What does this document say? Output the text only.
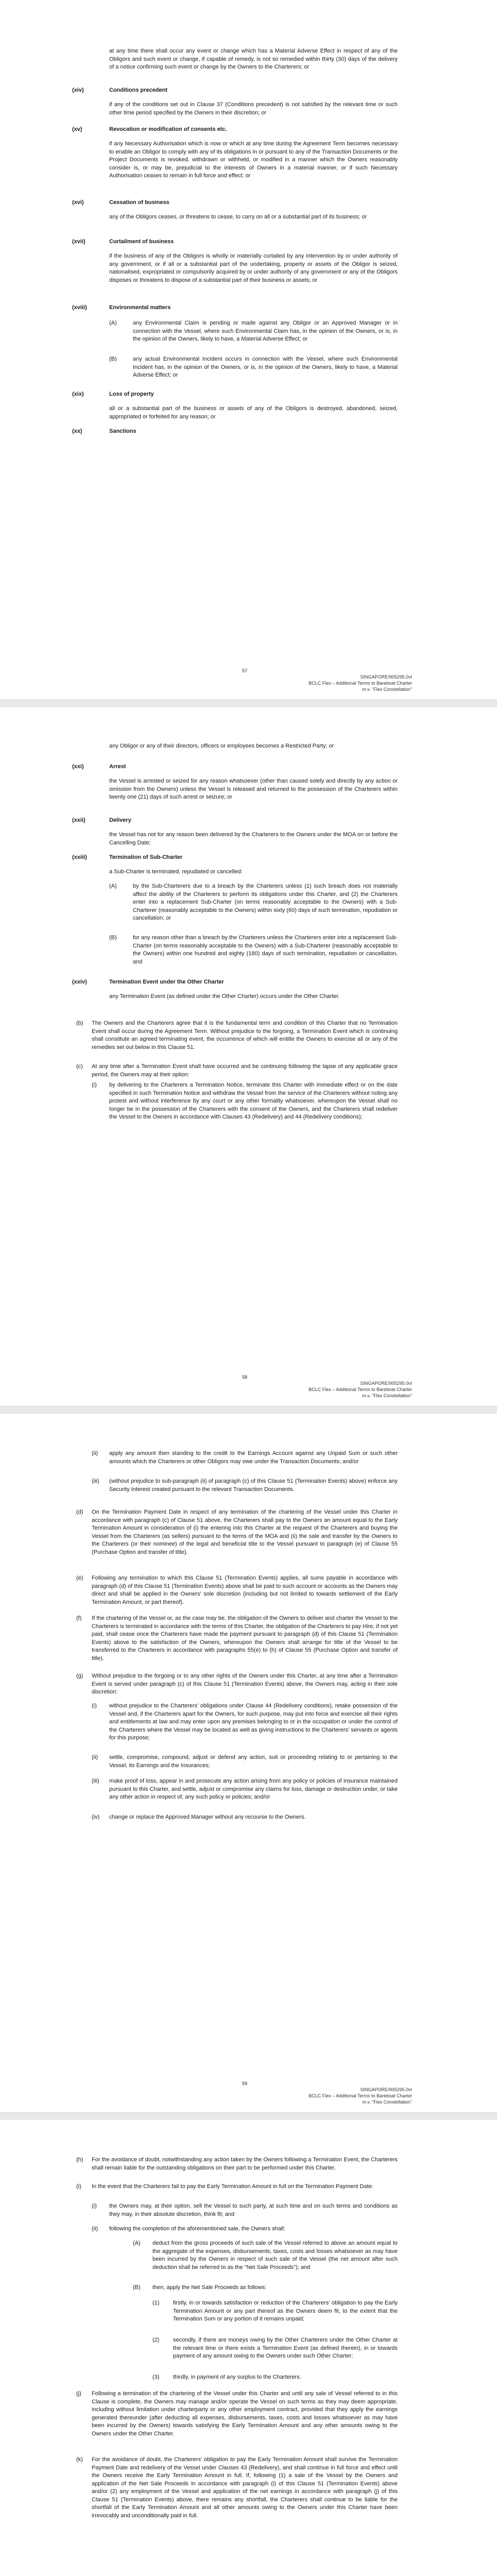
at any time there shall occur any event or change which has a Material Adverse Effect in respect of any of the Obligors and such event or change, if capable of remedy, is not so remedied within thirty (30) days of the delivery of a notice confirming such event or change by the Owners to the Charterers; or
(xiv)	Conditions precedent
if any of the conditions set out in Clause 37 (Conditions precedent) is not satisfied by the relevant time or such other time period specified by the Owners in their discretion; or
(xv)	Revocation or modification of consents etc.
if any Necessary Authorisation which is now or which at any time during the Agreement Term becomes necessary to enable an Obligor to comply with any of its obligations in or pursuant to any of the Transaction Documents or the Project Documents is revoked, withdrawn or withheld, or modified in a manner which the Owners reasonably consider is, or may be, prejudicial to the interests of Owners in a material manner, or if such Necessary Authorisation ceases to remain in full force and effect; or
(xvi)	Cessation of business
any of the Obligors ceases, or threatens to cease, to carry on all or a substantial part of its business; or
(xvii)	Curtailment of business
if the business of any of the Obligors is wholly or materially curtailed by any intervention by or under authority of any government, or if all or a substantial part of the undertaking, property or assets of the Obligor is seized, nationalised, expropriated or compulsorily acquired by or under authority of any government or any of the Obligors disposes or threatens to dispose of a substantial part of their business or assets; or
(xviii)	Environmental matters
(A)	any Environmental Claim is pending or made against any Obligor or an Approved Manager or in connection with the Vessel, where such Environmental Claim has, in the opinion of the Owners, or is, in the opinion of the Owners, likely to have, a Material Adverse Effect; or
(B)	any actual Environmental Incident occurs in connection with the Vessel, where such Environmental Incident has, in the opinion of the Owners, or is, in the opinion of the Owners, likely to have, a Material Adverse Effect; or
(xix)	Loss of property
all or a substantial part of the business or assets of any of the Obligors is destroyed, abandoned, seized, appropriated or forfeited for any reason; or
(xx)	Sanctions
57
SINGAPORE/905295.0vI
BCLC Flex – Additional Terms to Bareboat Charter
m.v. "Flex Constellation"
any Obligor or any of their directors, officers or employees becomes a Restricted Party; or
(xxi)	Arrest
the Vessel is arrested or seized for any reason whatsoever (other than caused solely and directly by any action or omission from the Owners) unless the Vessel is released and returned to the possession of the Charterers within twenty one (21) days of such arrest or seizure; or
(xxii)	Delivery
the Vessel has not for any reason been delivered by the Charterers to the Owners under the MOA on or before the Cancelling Date;
(xxiii)	Termination of Sub-Charter
a Sub-Charter is terminated, repudiated or cancelled:
(A)	by the Sub-Charterers due to a breach by the Charterers unless (1) such breach does not materially affect the ability of the Charterers to perform its obligations under this Charter, and (2) the Charterers enter into a replacement Sub-Charter (on terms reasonably acceptable to the Owners) with a Sub-Charterer (reasonably acceptable to the Owners) within sixty (60) days of such termination, repudiation or cancellation; or
(B)	for any reason other than a breach by the Charterers unless the Charterers enter into a replacement Sub-Charter (on terms reasonably acceptable to the Owners) with a Sub-Charterer (reasonably acceptable to the Owners) within one hundred and eighty (180) days of such termination, repudiation or cancellation, and
(xxiv)	Termination Event under the Other Charter
any Termination Event (as defined under the Other Charter) occurs under the Other Charter.
(b)	The Owners and the Charterers agree that it is the fundamental term and condition of this Charter that no Termination Event shall occur during the Agreement Term. Without prejudice to the forgoing, a Termination Event which is continuing shall constitute an agreed terminating event, the occurrence of which will entitle the Owners to exercise all or any of the remedies set out below in this Clause 51.
(c)	At any time after a Termination Event shall have occurred and be continuing following the lapse of any applicable grace period, the Owners may at their option:
(i)	by delivering to the Charterers a Termination Notice, terminate this Charter with immediate effect or on the date specified in such Termination Notice and withdraw the Vessel from the service of the Charterers without noting any protest and without interference by any court or any other formality whatsoever, whereupon the Vessel shall no longer be in the possession of the Charterers with the consent of the Owners, and the Charterers shall redeliver the Vessel to the Owners in accordance with Clauses 43 (Redelivery) and 44 (Redelivery conditions);
58
SINGAPORE/905295.0vI
BCLC Flex – Additional Terms to Bareboat Charter
m.v. "Flex Constellation"
(ii)	apply any amount then standing to the credit to the Earnings Account against any Unpaid Sum or such other amounts which the Charterers or other Obligors may owe under the Transaction Documents; and/or
(iii)	(without prejudice to sub-paragraph (ii) of paragraph (c) of this Clause 51 (Termination Events) above) enforce any Security Interest created pursuant to the relevant Transaction Documents.
(d)	On the Termination Payment Date in respect of any termination of the chartering of the Vessel under this Charter in accordance with paragraph (c) of Clause 51 above, the Charterers shall pay to the Owners an amount equal to the Early Termination Amount in consideration of (i) the entering into this Charter at the request of the Charterers and buying the Vessel from the Charterers (as sellers) pursuant to the terms of the MOA and (ii) the sale and transfer by the Owners to the Charterers (or their nominee) of the legal and beneficial title to the Vessel pursuant to paragraph (e) of Clause 55 (Purchase Option and transfer of title).
(e)	Following any termination to which this Clause 51 (Termination Events) applies, all sums payable in accordance with paragraph (d) of this Clause 51 (Termination Events) above shall be paid to such account or accounts as the Owners may direct and shall be applied in the Owners' sole discretion (including but not limited to towards settlement of the Early Termination Amount, or part thereof).
(f)	If the chartering of the Vessel or, as the case may be, the obligation of the Owners to deliver and charter the Vessel to the Charterers is terminated in accordance with the terms of this Charter, the obligation of the Charterers to pay Hire, if not yet paid, shall cease once the Charterers have made the payment pursuant to paragraph (d) of this Clause 51 (Termination Events) above to the satisfaction of the Owners, whereupon the Owners shall arrange for title of the Vessel to be transferred to the Charterers in accordance with paragraphs 55(e) to (h) of Clause 55 (Purchase Option and transfer of title).
(g)	Without prejudice to the forgoing or to any other rights of the Owners under this Charter, at any time after a Termination Event is served under paragraph (c) of this Clause 51 (Termination Events) above, the Owners may, acting in their sole discretion:
(i)	without prejudice to the Charterers' obligations under Clause 44 (Redelivery conditions), retake possession of the Vessel and, if the Charterers apart for the Owners, for such purpose, may put into force and exercise all their rights and entitlements at law and may enter upon any premises belonging to or in the occupation or under the control of the Charterers where the Vessel may be located as well as giving instructions to the Charterers' servants or agents for this purpose;
(ii)	settle, compromise, compound, adjust or defend any action, suit or proceeding relating to or pertaining to the Vessel, its Earnings and the Insurances;
(iii)	make proof of loss, appear in and prosecute any action arising from any policy or policies of insurance maintained pursuant to this Charter, and settle, adjust or compromise any claims for loss, damage or destruction under, or take any other action in respect of, any such policy or policies; and/or
(iv)	change or replace the Approved Manager without any recourse to the Owners.
59
SINGAPORE/905295.0vI
BCLC Flex – Additional Terms to Bareboat Charter
m.v. "Flex Constellation"
(h)	For the avoidance of doubt, notwithstanding any action taken by the Owners following a Termination Event, the Charterers shall remain liable for the outstanding obligations on their part to be performed under this Charter.
(i)	In the event that the Charterers fail to pay the Early Termination Amount in full on the Termination Payment Date:
(i)	the Owners may, at their option, sell the Vessel to such party, at such time and on such terms and conditions as they may, in their absolute discretion, think fit; and
(ii)	following the completion of the aforementioned sale, the Owners shall:
(A)	deduct from the gross proceeds of such sale of the Vessel referred to above an amount equal to the aggregate of the expenses, disbursements, taxes, costs and losses whatsoever as may have been incurred by the Owners in respect of such sale of the Vessel (the net amount after such deduction shall be referred to as the "Net Sale Proceeds"); and
(B)	then, apply the Net Sale Proceeds as follows:
(1)	firstly, in or towards satisfaction or reduction of the Charterers' obligation to pay the Early Termination Amount or any part thereof as the Owners deem fit, to the extent that the Termination Sum or any portion of it remains unpaid;
(2)	secondly, if there are moneys owing by the Other Charterers under the Other Charter at the relevant time or there exists a Termination Event (as defined therein), in or towards payment of any amount owing to the Owners under such Other Charter;
(3)	thirdly, in payment of any surplus to the Charterers.
(j)	Following a termination of the chartering of the Vessel under this Charter and until any sale of Vessel referred to in this Clause is complete, the Owners may manage and/or operate the Vessel on such terms as they may deem appropriate, including without limitation under charterparty or any other employment contract, provided that they apply the earnings generated thereunder (after deducting all expenses, disbursements, taxes, costs and losses whatsoever as may have been incurred by the Owners) towards satisfying the Early Termination Amount and any other amounts owing to the Owners under the Other Charter.
(k)	For the avoidance of doubt, the Charterers' obligation to pay the Early Termination Amount shall survive the Termination Payment Date and redelivery of the Vessel under Clauses 43 (Redelivery), and shall continue in full force and effect until the Owners receive the Early Termination Amount in full. If, following (1) a sale of the Vessel by the Owners and application of the Net Sale Proceeds in accordance with paragraph (i) of this Clause 51 (Termination Events) above and/or (2) any employment of the Vessel and application of the net earnings in accordance with paragraph (j) of this Clause 51 (Termination Events) above, there remains any shortfall, the Charterers shall continue to be liable for the shortfall of the Early Termination Amount and all other amounts owing to the Owners under this Charter have been irrevocably and unconditionally paid in full.
